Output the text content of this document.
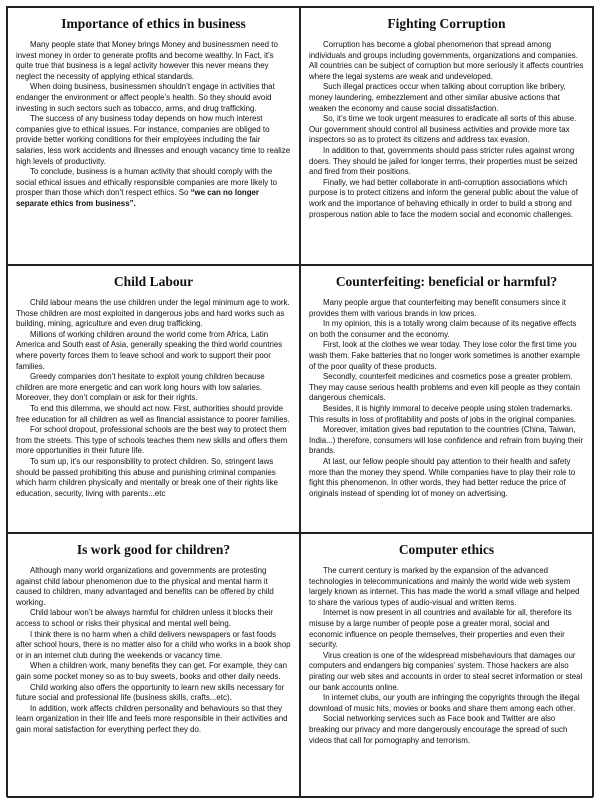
Importance of ethics in business

Many people state that Money brings Money and businessmen need to invest money in order to generate profits and become wealthy. In Fact, it’s quite true that business is a legal activity however this never means they neglect the necessity of applying ethical standards.

When doing business, businessmen shouldn’t engage in activities that endanger the environment or affect people’s health. So they should avoid investing in such sectors such as tobacco, arms, and drug trafficking.

The success of any business today depends on how much interest companies give to ethical issues. For instance, companies are obliged to provide better working conditions for their employees including the fair salaries, less work accidents and illnesses and enough vacancy time to realize high levels of productivity.

To conclude, business is a human activity that should comply with the social ethical issues and ethically responsible companies are more likely to prosper than those which don’t respect ethics. So “we can no longer separate ethics from business”.

Fighting Corruption

Corruption has become a global phenomenon that spread among individuals and groups including governments, organizations and companies. All countries can be subject of corruption but more seriously it affects countries where the legal systems are weak and undeveloped.

Such illegal practices occur when talking about corruption like bribery, money laundering, embezzlement and other similar abusive actions that weaken the economy and cause social dissatisfaction.

So, it’s time we took urgent measures to eradicate all sorts of this abuse. Our government should control all business activities and provide more tax inspectors so as to protect its citizens and address tax evasion.

In addition to that, governments should pass stricter rules against wrong doers. They should be jailed for longer terms, their properties must be seized and fired from their positions.

Finally, we had better collaborate in anti-corruption associations which purpose is to protect citizens and inform the general public about the value of work and the importance of behaving ethically in order to build a strong and prosperous nation able to face the modern social and economic challenges.

Child Labour

Child labour means the use children under the legal minimum age to work. Those children are most exploited in dangerous jobs and hard works such as building, mining, agriculture and even drug trafficking.

Millions of working children around the world come from Africa, Latin America and South east of Asia, generally speaking the third world countries where poverty forces them to leave school and work to support their poor families.

Greedy companies don’t hesitate to exploit young children because children are more energetic and can work long hours with low salaries. Moreover, they don’t complain or ask for their rights.

To end this dilemma, we should act now. First, authorities should provide free education for all children as well as financial assistance to poorer families.

For school dropout, professional schools are the best way to protect them from the streets. This type of schools teaches them new skills and offers them more opportunities in their future life.

To sum up, it’s our responsibility to protect children. So, stringent laws should be passed prohibiting this abuse and punishing criminal companies which harm children physically and mentally or break one of their rights like education, security, living with parents...etc

Counterfeiting: beneficial or harmful?

Many people argue that counterfeiting may benefit consumers since it provides them with various brands in low prices.

In my opinion, this is a totally wrong claim because of its negative effects on both the consumer and the economy.

First, look at the clothes we wear today. They lose color the first time you wash them. Fake batteries that no longer work sometimes is another example of the poor quality of these products.

Secondly, counterfeit medicines and cosmetics pose a greater problem. They may cause serious health problems and even kill people as they contain dangerous chemicals.

Besides, it is highly immoral to deceive people using stolen trademarks. This results in loss of profitability and posts of jobs in the original companies.

Moreover, imitation gives bad reputation to the countries (China, Taiwan, India...) therefore, consumers will lose confidence and refrain from buying their brands.

At last, our fellow people should pay attention to their health and safety more than the money they spend. While companies have to play their role to fight this phenomenon. In other words, they had better reduce the price of originals instead of spending lot of money on advertising.

Is work good for children?

Although many world organizations and governments are protesting against child labour phenomenon due to the physical and mental harm it caused to children, many advantaged and benefits can be offered by child working.

Child labour won’t be always harmful for children unless it blocks their access to school or risks their physical and mental well being.

I think there is no harm when a child delivers newspapers or fast foods after school hours, there is no matter also for a child who works in a book shop or in an internet club during the weekends or vacancy time.

When a children work, many benefits they can get. For example, they can gain some pocket money so as to buy sweets, books and other daily needs.

Child working also offers the opportunity to learn new skills necessary for future social and professional life (business skills, crafts...etc).

In addition, work affects children personality and behaviours so that they learn organization in their life and feels more responsible in their activities and gain moral satisfaction for everything perfect they do.

Computer ethics

The current century is marked by the expansion of the advanced technologies in telecommunications and mainly the world wide web system largely known as internet. This has made the world a small village and helped to share the various types of audio-visual and written items.

Internet is now present in all countries and available for all, therefore its misuse by a large number of people pose a greater moral, social and economic influence on people themselves, their properties and even their security.

Virus creation is one of the widespread misbehaviours that damages our computers and endangers big companies’ system. Those hackers are also pirating our web sites and accounts in order to steal secret information or steal our bank accounts online.

In internet clubs, our youth are infringing the copyrights through the illegal download of music hits, movies or books and share them among each other.

Social networking services such as Face book and Twitter are also breaking our privacy and more dangerously encourage the spread of such videos that call for pornography and terrorism.
